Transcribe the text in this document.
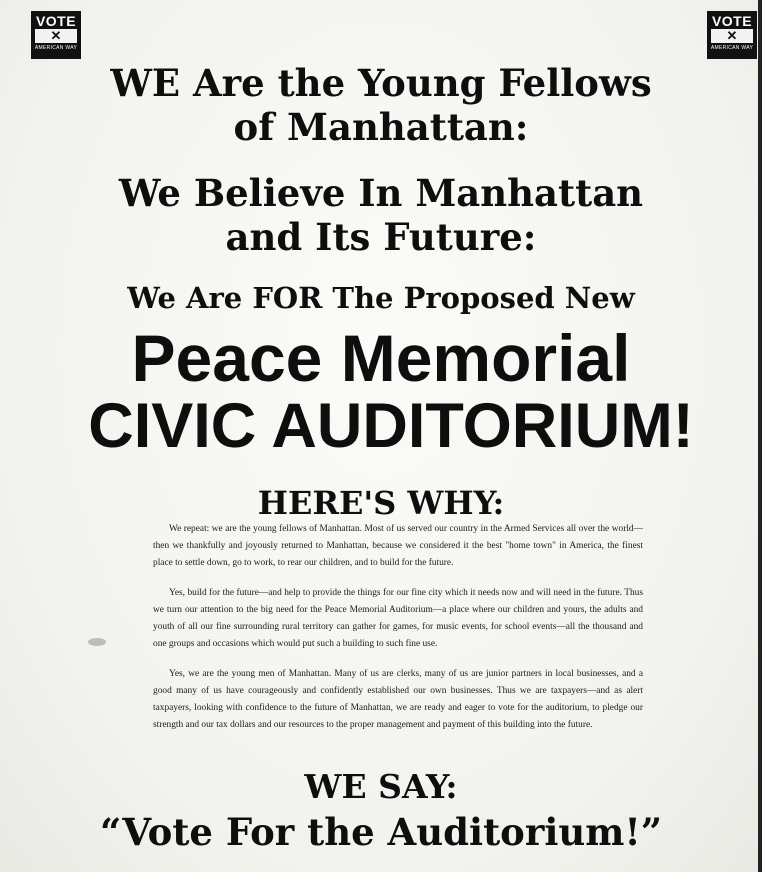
VOTE
✕
AMERICAN WAY
VOTE
✕
AMERICAN WAY
WE Are the Young Fellows
of Manhattan:
We Believe In Manhattan
and Its Future:
We Are FOR The Proposed New
Peace Memorial
CIVIC AUDITORIUM!
HERE'S WHY:

We repeat: we are the young fellows of Manhattan. Most of us served our country in the Armed Services all over the world—then we thankfully and joyously returned to Manhattan, because we considered it the best "home town" in America, the finest place to settle down, go to work, to rear our children, and to build for the future.

Yes, build for the future—and help to provide the things for our fine city which it needs now and will need in the future. Thus we turn our attention to the big need for the Peace Memorial Auditorium—a place where our children and yours, the adults and youth of all our fine surrounding rural territory can gather for games, for music events, for school events—all the thousand and one groups and occasions which would put such a building to such fine use.

Yes, we are the young men of Manhattan. Many of us are clerks, many of us are junior partners in local businesses, and a good many of us have courageously and confidently established our own businesses. Thus we are taxpayers—and as alert taxpayers, looking with confidence to the future of Manhattan, we are ready and eager to vote for the auditorium, to pledge our strength and our tax dollars and our resources to the proper management and payment of this building into the future.

WE SAY:
“Vote For the Auditorium!”
